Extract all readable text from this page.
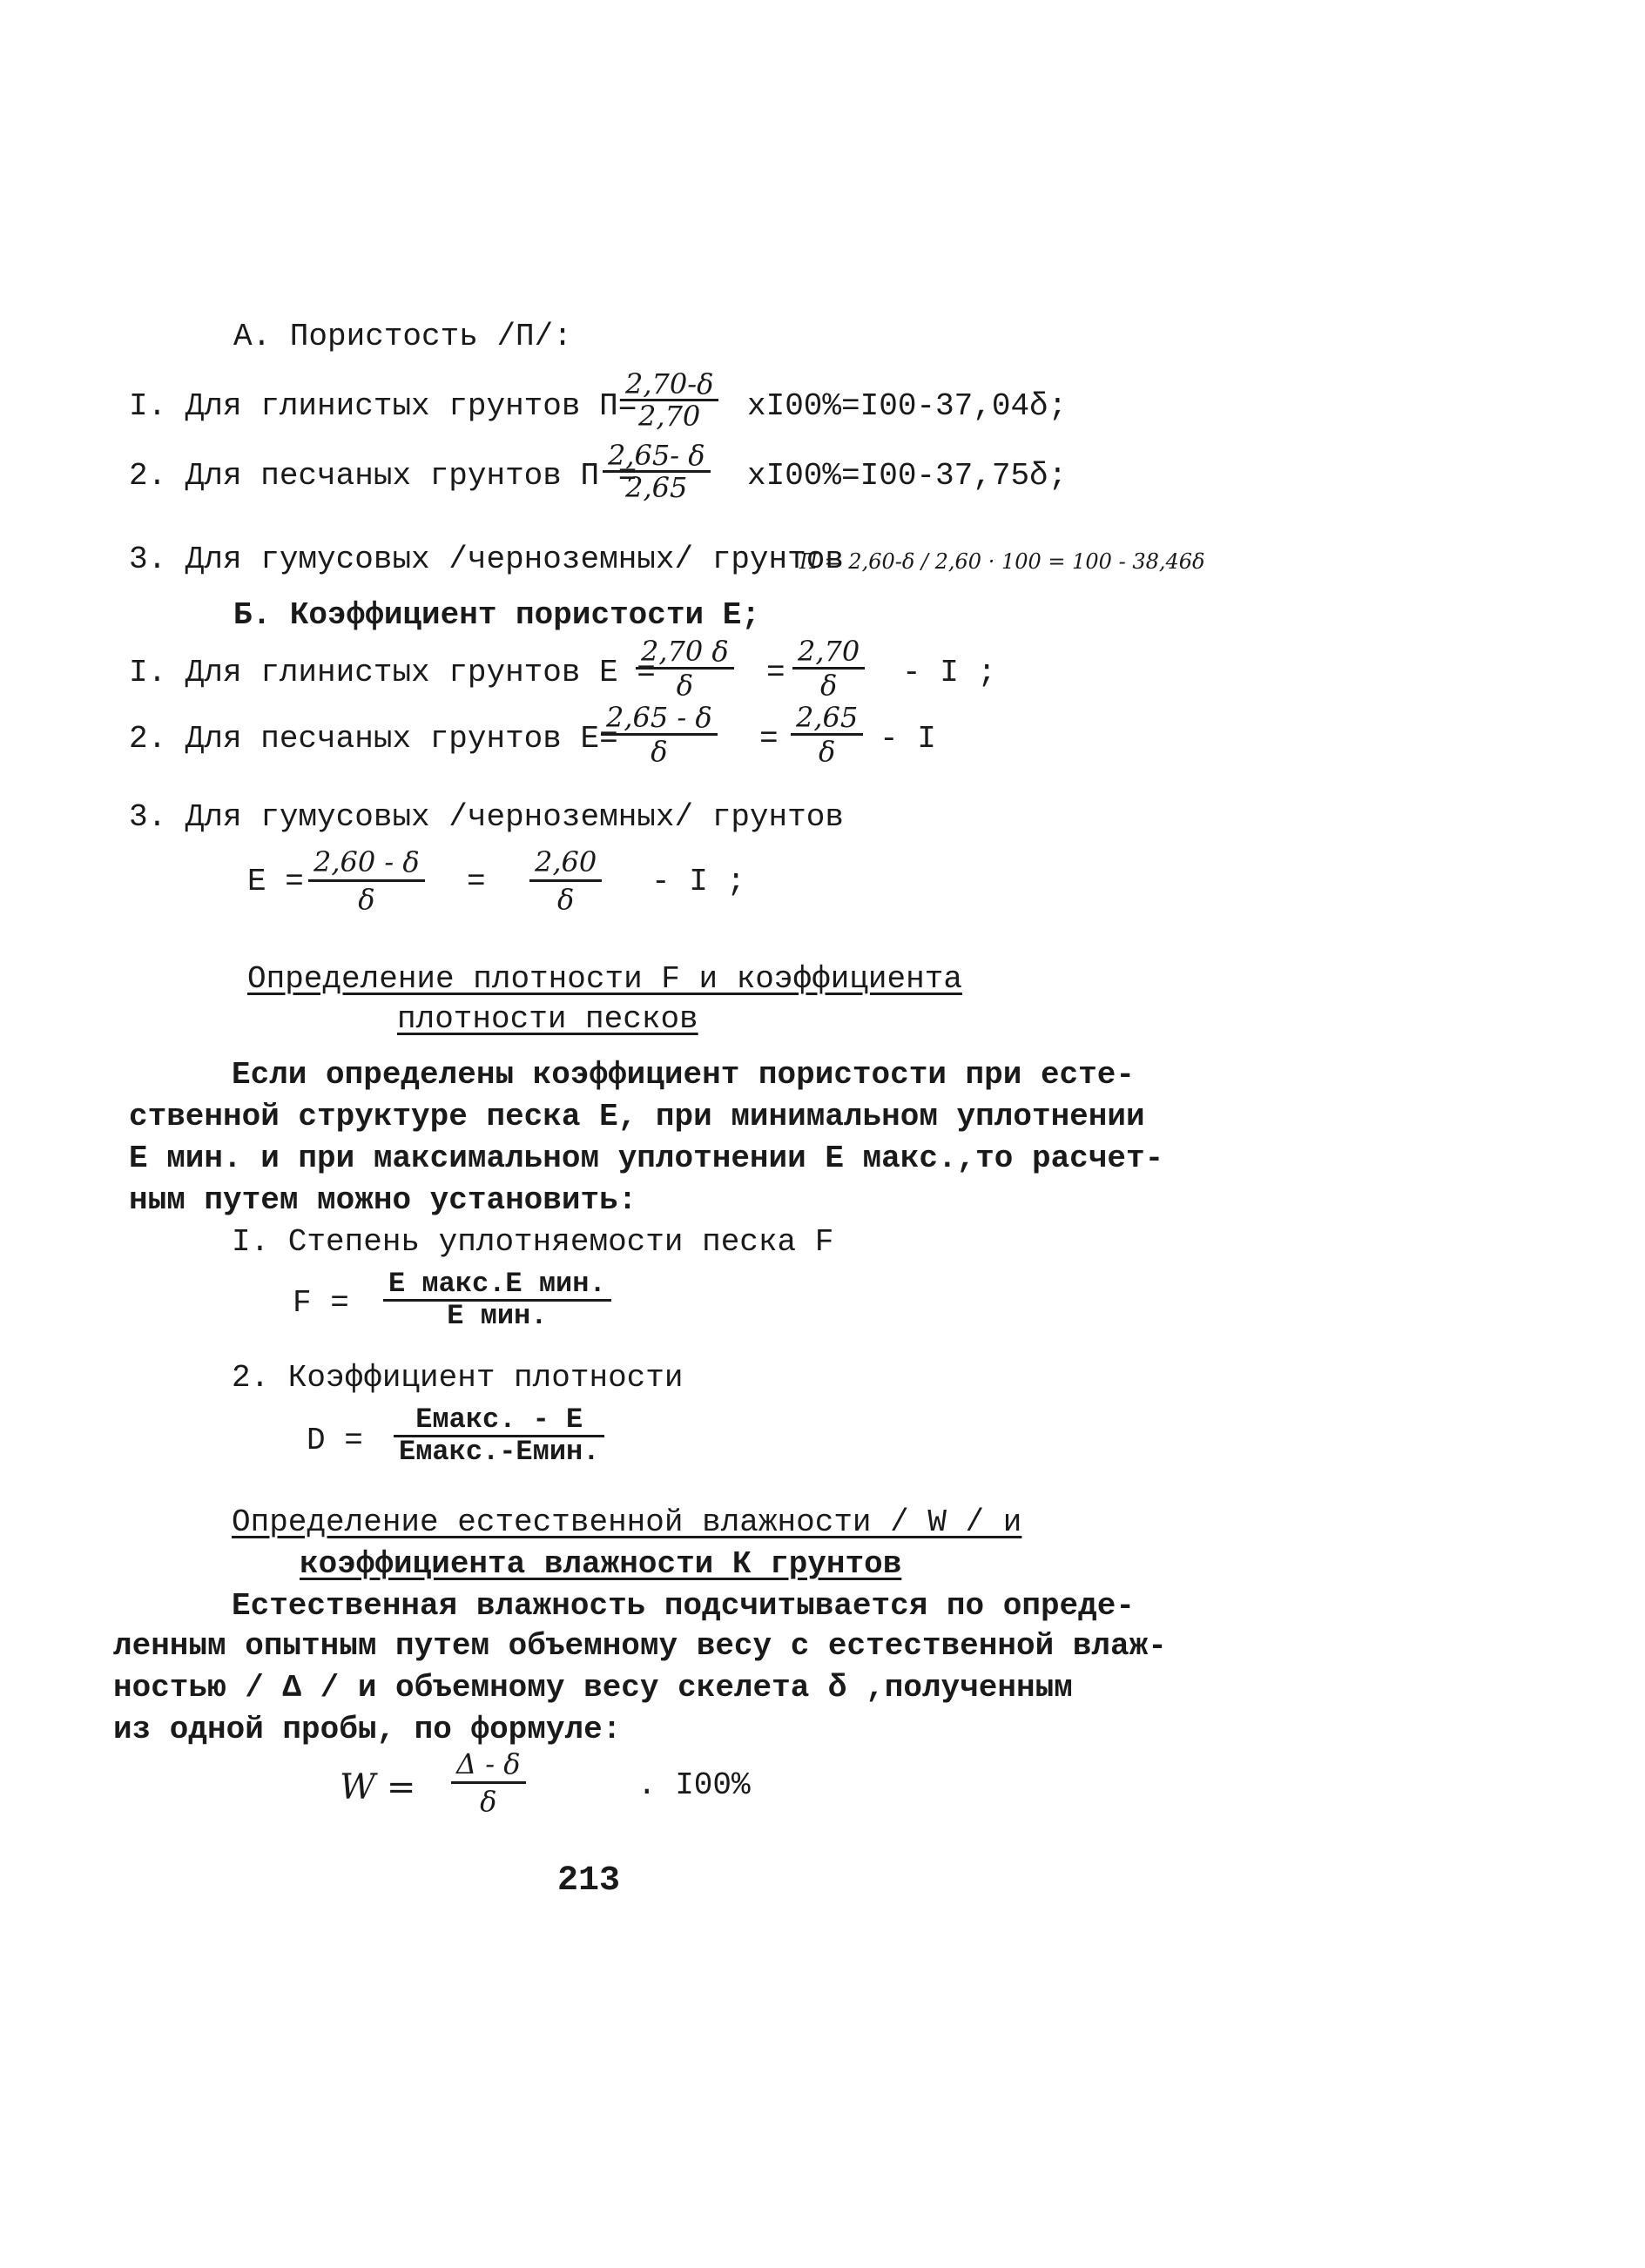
А. Пористость /П/:
I. Для глинистых грунтов П=
$\frac{2,70-\delta}{2,70} xI00\%=I00-37,04\delta$;
2. Для песчаных грунтов П =
$\frac{2,65- \delta}{2,65} xI00\%=I00-37,75\delta$;
3. Для гумусовых /черноземных/ грунтов
П = 2,60-δ / 2,60 · 100 = 100 - 38,46δ
Б. Коэффициент пористости Е;
I. Для глинистых грунтов Е =
$\frac{2,70 \delta}{\delta} = \frac{2,70}{\delta} - I$ ;
2. Для песчаных грунтов Е=
$\frac{2,65 - \delta}{\delta} = \frac{2,65}{\delta} - I$
3. Для гумусовых /черноземных/ грунтов
$Е = \frac{2,60 - \delta}{\delta} = \frac{2,60}{\delta} - I$ ;
Определение плотности F и коэффициента
плотности песков
Если определены коэффициент пористости при есте-
ственной структуре песка Е, при минимальном уплотнении
Е мин. и при максимальном уплотнении Е макс.,то расчет-
ным путем можно установить:
I. Степень уплотняемости песка F
F =
Е макс.Е мин.
Е мин.
2. Коэффициент плотности
D =
Емакс. - Е
Емакс.-Емин.
Определение естественной влажности / W / и
коэффициента влажности К грунтов
Естественная влажность подсчитывается по опреде-
ленным опытным путем объемному весу с естественной влаж-
ностью / Δ / и объемному весу скелета δ ,полученным
из одной пробы, по формуле:
$W = \frac{\Delta - \delta}{\delta}$	. I00%
213
